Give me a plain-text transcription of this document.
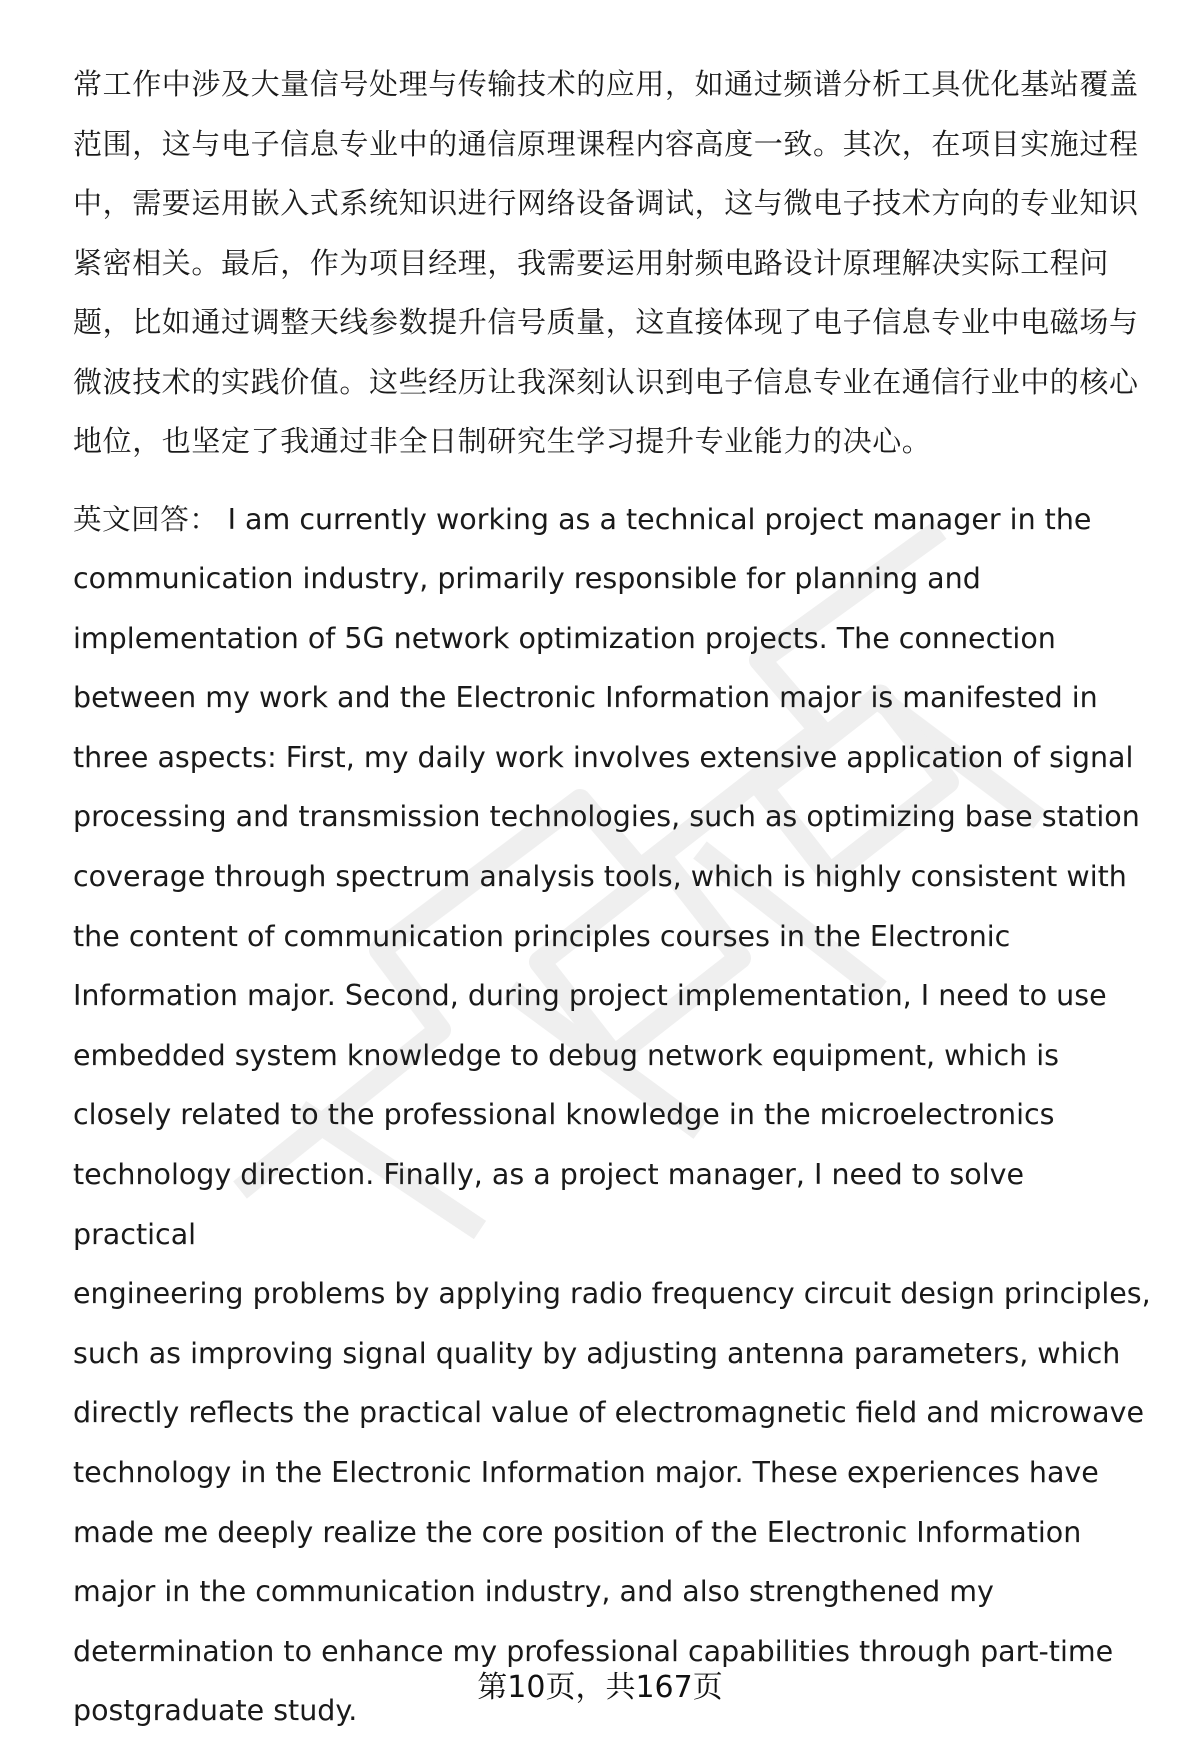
常工作中涉及大量信号处理与传输技术的应用，如通过频谱分析工具优化基站覆盖
范围，这与电子信息专业中的通信原理课程内容高度一致。其次，在项目实施过程
中，需要运用嵌入式系统知识进行网络设备调试，这与微电子技术方向的专业知识
紧密相关。最后，作为项目经理，我需要运用射频电路设计原理解决实际工程问
题，比如通过调整天线参数提升信号质量，这直接体现了电子信息专业中电磁场与
微波技术的实践价值。这些经历让我深刻认识到电子信息专业在通信行业中的核心
地位，也坚定了我通过非全日制研究生学习提升专业能力的决心。

英文回答： I am currently working as a technical project manager in the
communication industry, primarily responsible for planning and
implementation of 5G network optimization projects. The connection
between my work and the Electronic Information major is manifested in
three aspects: First, my daily work involves extensive application of signal
processing and transmission technologies, such as optimizing base station
coverage through spectrum analysis tools, which is highly consistent with
the content of communication principles courses in the Electronic
Information major. Second, during project implementation, I need to use
embedded system knowledge to debug network equipment, which is
closely related to the professional knowledge in the microelectronics
technology direction. Finally, as a project manager, I need to solve practical
engineering problems by applying radio frequency circuit design principles,
such as improving signal quality by adjusting antenna parameters, which
directly reflects the practical value of electromagnetic field and microwave
technology in the Electronic Information major. These experiences have
made me deeply realize the core position of the Electronic Information
major in the communication industry, and also strengthened my
determination to enhance my professional capabilities through part-time
postgraduate study.

第10页，共167页
